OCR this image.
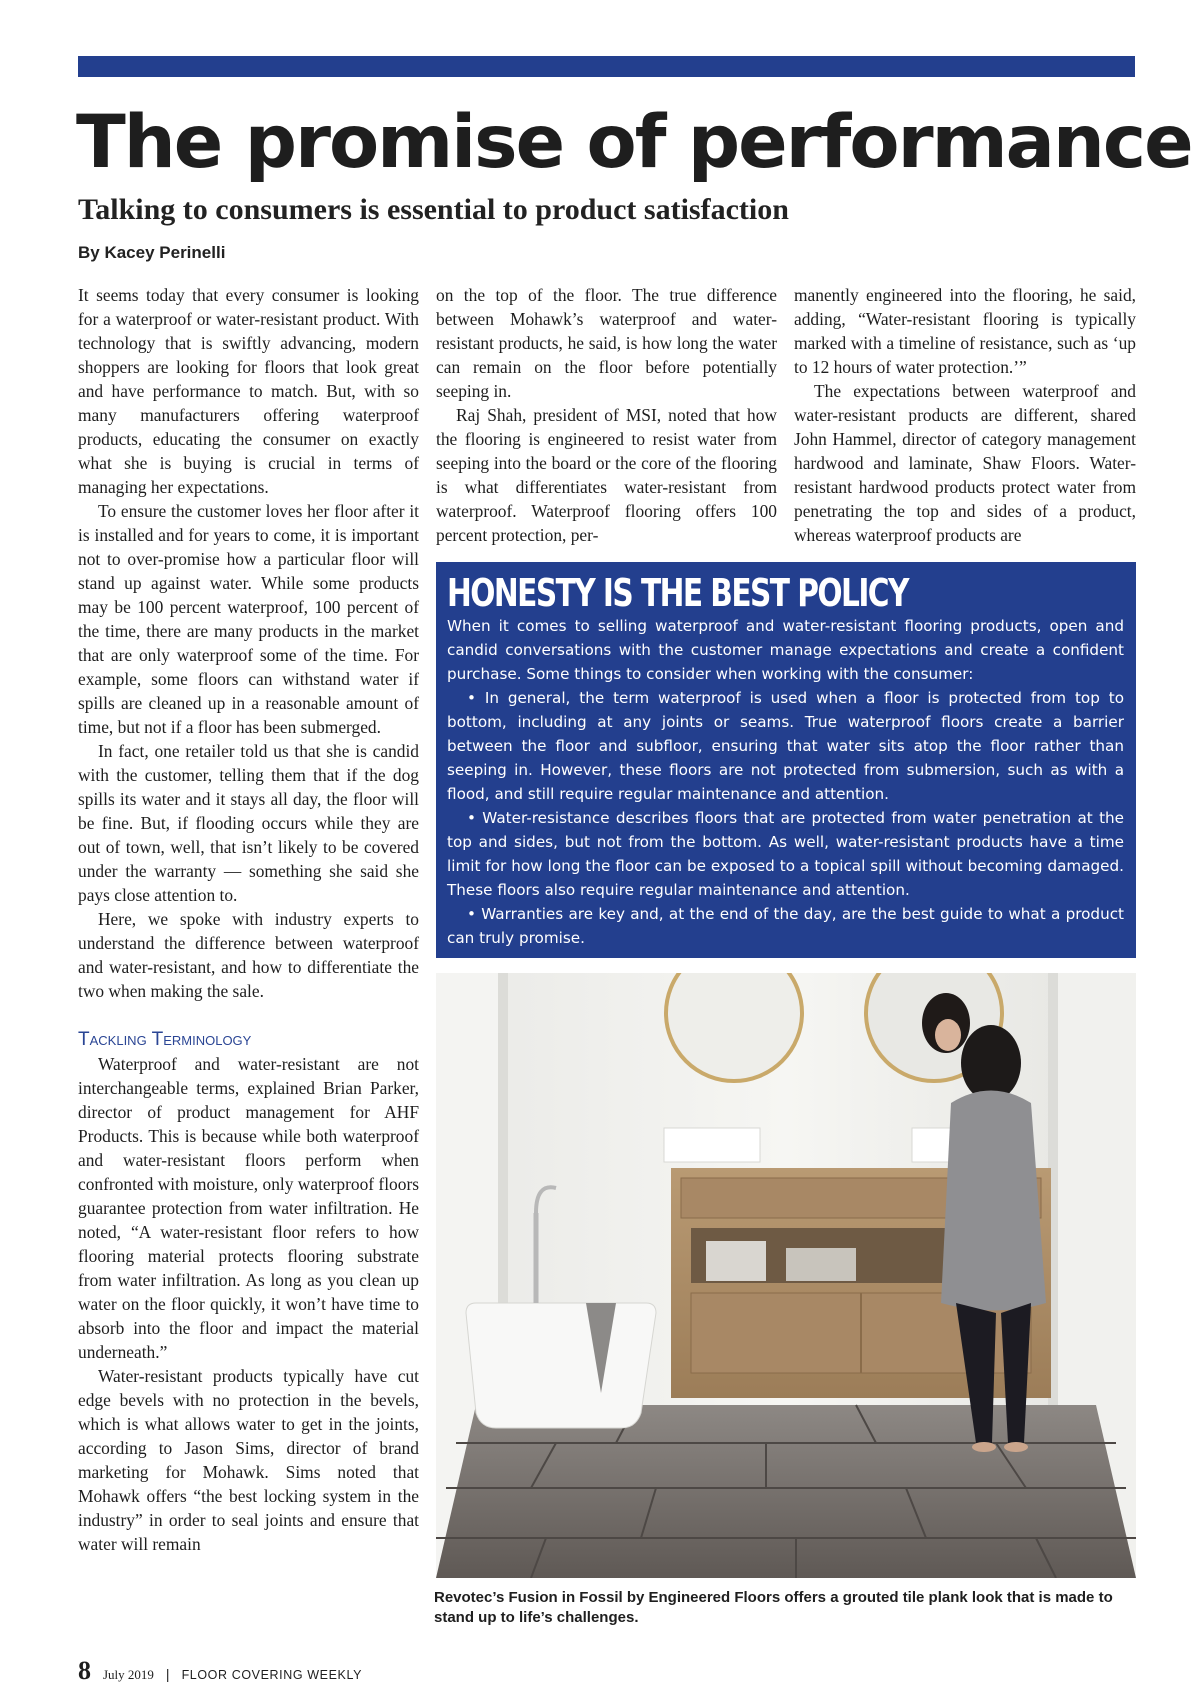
The promise of performance
Talking to consumers is essential to product satisfaction
By Kacey Perinelli

It seems today that every consumer is looking for a waterproof or water-resistant product. With technology that is swiftly advancing, modern shoppers are looking for floors that look great and have performance to match. But, with so many manufacturers offering waterproof products, educating the consumer on exactly what she is buying is crucial in terms of managing her expectations.

To ensure the customer loves her floor after it is installed and for years to come, it is important not to over-promise how a particular floor will stand up against water. While some products may be 100 percent waterproof, 100 percent of the time, there are many products in the market that are only waterproof some of the time. For example, some floors can withstand water if spills are cleaned up in a reasonable amount of time, but not if a floor has been submerged.

In fact, one retailer told us that she is candid with the customer, telling them that if the dog spills its water and it stays all day, the floor will be fine. But, if flooding occurs while they are out of town, well, that isn’t likely to be covered under the warranty — something she said she pays close attention to.

Here, we spoke with industry experts to understand the difference between waterproof and water-resistant, and how to differentiate the two when making the sale.

Tackling Terminology

Waterproof and water-resistant are not interchangeable terms, explained Brian Parker, director of product management for AHF Products. This is because while both waterproof and water-resistant floors perform when confronted with moisture, only waterproof floors guarantee protection from water infiltration. He noted, “A water-resistant floor refers to how flooring material protects flooring substrate from water infiltration. As long as you clean up water on the floor quickly, it won’t have time to absorb into the floor and impact the material underneath.”

Water-resistant products typically have cut edge bevels with no protection in the bevels, which is what allows water to get in the joints, according to Jason Sims, director of brand marketing for Mohawk. Sims noted that Mohawk offers “the best locking system in the industry” in order to seal joints and ensure that water will remain

on the top of the floor. The true difference between Mohawk’s waterproof and water-resistant products, he said, is how long the water can remain on the floor before potentially seeping in.

Raj Shah, president of MSI, noted that how the flooring is engineered to resist water from seeping into the board or the core of the flooring is what differentiates water-resistant from waterproof. Waterproof flooring offers 100 percent protection, per-

manently engineered into the flooring, he said, adding, “Water-resistant flooring is typically marked with a timeline of resistance, such as ‘up to 12 hours of water protection.’”

The expectations between waterproof and water-resistant products are different, shared John Hammel, director of category management hardwood and laminate, Shaw Floors. Water-resistant hardwood products protect water from penetrating the top and sides of a product, whereas waterproof products are

HONESTY IS THE BEST POLICY

When it comes to selling waterproof and water-resistant flooring products, open and candid conversations with the customer manage expectations and create a confident purchase. Some things to consider when working with the consumer:

• In general, the term waterproof is used when a floor is protected from top to bottom, including at any joints or seams. True waterproof floors create a barrier between the floor and subfloor, ensuring that water sits atop the floor rather than seeping in. However, these floors are not protected from submersion, such as with a flood, and still require regular maintenance and attention.

• Water-resistance describes floors that are protected from water penetration at the top and sides, but not from the bottom. As well, water-resistant products have a time limit for how long the floor can be exposed to a topical spill without becoming damaged. These floors also require regular maintenance and attention.

• Warranties are key and, at the end of the day, are the best guide to what a product can truly promise.

Revotec’s Fusion in Fossil by Engineered Floors offers a grouted tile plank look that is made to stand up to life’s challenges.
8 July 2019 | FLOOR COVERING WEEKLY
